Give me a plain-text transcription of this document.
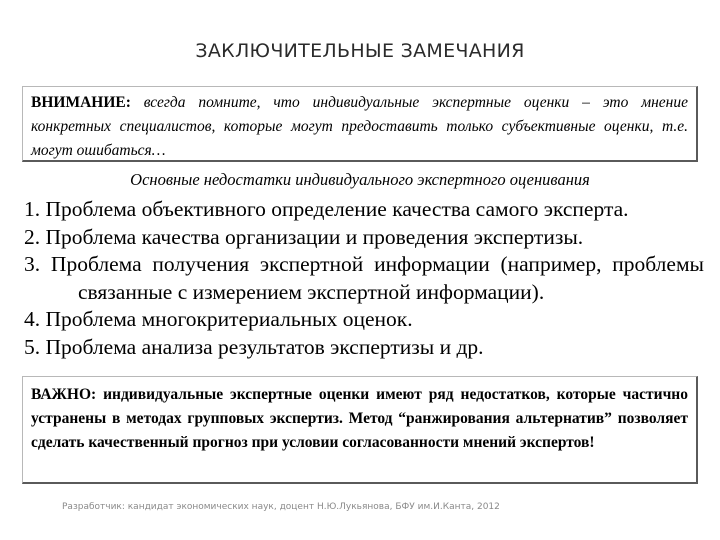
ЗАКЛЮЧИТЕЛЬНЫЕ ЗАМЕЧАНИЯ
ВНИМАНИЕ: всегда помните, что индивидуальные экспертные оценки – это мнение конкретных специалистов, которые могут предоставить только субъективные оценки, т.е. могут ошибаться…
Основные недостатки индивидуального экспертного оценивания
1. Проблема объективного определение качества самого эксперта.
2. Проблема качества организации и проведения экспертизы.
3. Проблема получения экспертной информации (например, проблемы
связанные с измерением экспертной информации).
4. Проблема многокритериальных оценок.
5. Проблема анализа результатов экспертизы и др.
ВАЖНО: индивидуальные экспертные оценки имеют ряд недостатков, которые частично устранены в методах групповых экспертиз. Метод “ранжирования альтернатив” позволяет сделать качественный прогноз при условии согласованности мнений экспертов!
Разработчик: кандидат экономических наук, доцент Н.Ю.Лукьянова, БФУ им.И.Канта, 2012
